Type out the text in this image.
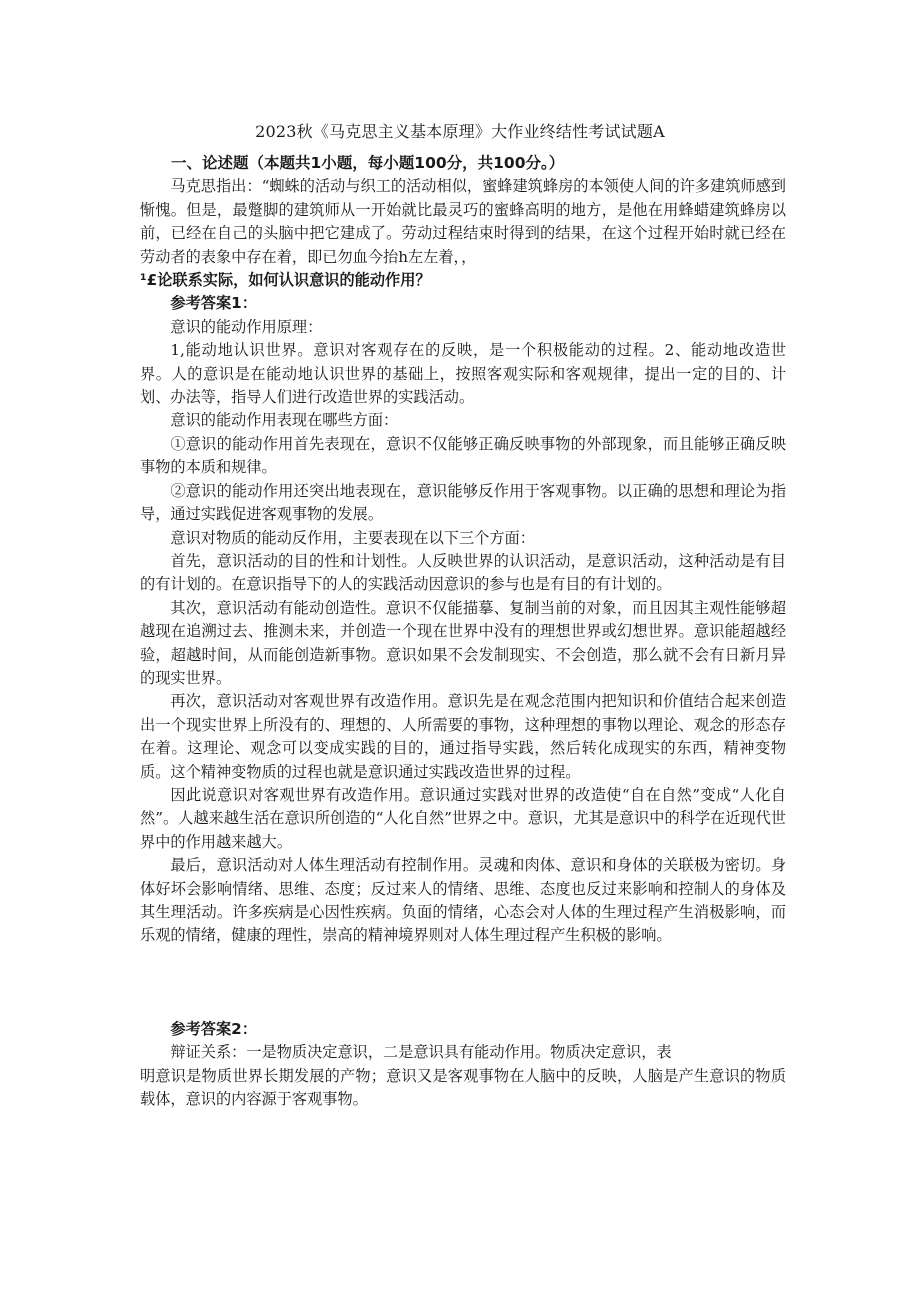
2023秋《马克思主义基本原理》大作业终结性考试试题A

一、论述题（本题共1小题，每小题100分，共100分。）

马克思指出：“蜘蛛的活动与织工的活动相似，蜜蜂建筑蜂房的本领使人间的许多建筑师感到惭愧。但是，最蹩脚的建筑师从一开始就比最灵巧的蜜蜂高明的地方，是他在用蜂蜡建筑蜂房以前，已经在自己的头脑中把它建成了。劳动过程结束时得到的结果，在这个过程开始时就已经在劳动者的表象中存在着，即已勿血今抬h左左着，，

¹£论联系实际，如何认识意识的能动作用？

参考答案1：

意识的能动作用原理：

1,能动地认识世界。意识对客观存在的反映，是一个积极能动的过程。2、能动地改造世界。人的意识是在能动地认识世界的基础上，按照客观实际和客观规律，提出一定的目的、计划、办法等，指导人们进行改造世界的实践活动。

意识的能动作用表现在哪些方面：

①意识的能动作用首先表现在，意识不仅能够正确反映事物的外部现象，而且能够正确反映事物的本质和规律。

②意识的能动作用还突出地表现在，意识能够反作用于客观事物。以正确的思想和理论为指导，通过实践促进客观事物的发展。

意识对物质的能动反作用，主要表现在以下三个方面：

首先，意识活动的目的性和计划性。人反映世界的认识活动，是意识活动，这种活动是有目的有计划的。在意识指导下的人的实践活动因意识的参与也是有目的有计划的。

其次，意识活动有能动创造性。意识不仅能描摹、复制当前的对象，而且因其主观性能够超越现在追溯过去、推测未来，并创造一个现在世界中没有的理想世界或幻想世界。意识能超越经验，超越时间，从而能创造新事物。意识如果不会发制现实、不会创造，那么就不会有日新月异的现实世界。

再次，意识活动对客观世界有改造作用。意识先是在观念范围内把知识和价值结合起来创造出一个现实世界上所没有的、理想的、人所需要的事物，这种理想的事物以理论、观念的形态存在着。这理论、观念可以变成实践的目的，通过指导实践，然后转化成现实的东西，精神变物质。这个精神变物质的过程也就是意识通过实践改造世界的过程。

因此说意识对客观世界有改造作用。意识通过实践对世界的改造使“自在自然”变成“人化自然”。人越来越生活在意识所创造的“人化自然”世界之中。意识，尤其是意识中的科学在近现代世界中的作用越来越大。

最后，意识活动对人体生理活动有控制作用。灵魂和肉体、意识和身体的关联极为密切。身体好坏会影响情绪、思维、态度；反过来人的情绪、思维、态度也反过来影响和控制人的身体及其生理活动。许多疾病是心因性疾病。负面的情绪，心态会对人体的生理过程产生消极影响，而乐观的情绪，健康的理性，崇高的精神境界则对人体生理过程产生积极的影响。

参考答案2：

辩证关系：一是物质决定意识，二是意识具有能动作用。物质决定意识，表

明意识是物质世界长期发展的产物；意识又是客观事物在人脑中的反映，人脑是产生意识的物质载体，意识的内容源于客观事物。
